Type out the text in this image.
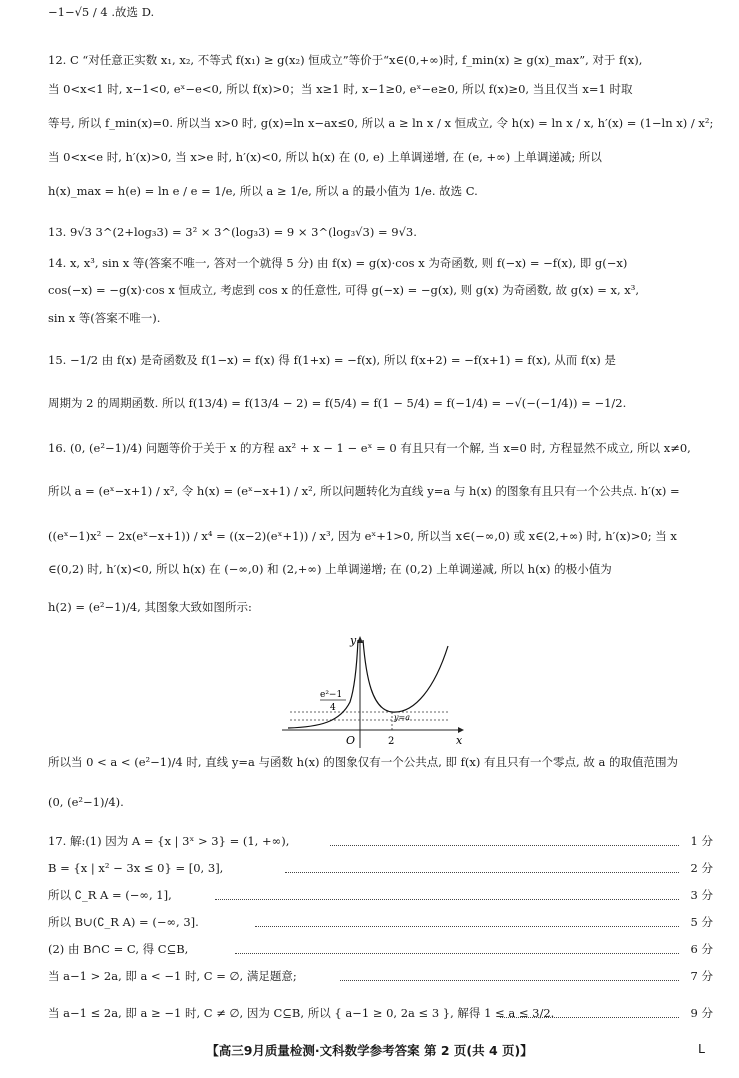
−1−√5 / 4 .故选 D.
12. C “对任意正实数 x₁, x₂, 不等式 f(x₁) ≥ g(x₂) 恒成立”等价于“x∈(0,+∞)时, f_min(x) ≥ g(x)_max”, 对于 f(x),
当 0<x<1 时, x−1<0, eˣ−e<0, 所以 f(x)>0；当 x≥1 时, x−1≥0, eˣ−e≥0, 所以 f(x)≥0, 当且仅当 x=1 时取
等号, 所以 f_min(x)=0. 所以当 x>0 时, g(x)=ln x−ax≤0, 所以 a ≥ ln x / x 恒成立, 令 h(x) = ln x / x, h′(x) = (1−ln x) / x²;
当 0<x<e 时, h′(x)>0, 当 x>e 时, h′(x)<0, 所以 h(x) 在 (0, e) 上单调递增, 在 (e, +∞) 上单调递减; 所以
h(x)_max = h(e) = ln e / e = 1/e, 所以 a ≥ 1/e, 所以 a 的最小值为 1/e. 故选 C.
13. 9√3 3^(2+log₃3) = 3² × 3^(log₃3) = 9 × 3^(log₃√3) = 9√3.
14. x, x³, sin x 等(答案不唯一, 答对一个就得 5 分) 由 f(x) = g(x)·cos x 为奇函数, 则 f(−x) = −f(x), 即 g(−x)
cos(−x) = −g(x)·cos x 恒成立, 考虑到 cos x 的任意性, 可得 g(−x) = −g(x), 则 g(x) 为奇函数, 故 g(x) = x, x³,
sin x 等(答案不唯一).
15. −1/2 由 f(x) 是奇函数及 f(1−x) = f(x) 得 f(1+x) = −f(x), 所以 f(x+2) = −f(x+1) = f(x), 从而 f(x) 是
周期为 2 的周期函数. 所以 f(13/4) = f(13/4 − 2) = f(5/4) = f(1 − 5/4) = f(−1/4) = −√(−(−1/4)) = −1/2.
16. (0, (e²−1)/4) 问题等价于关于 x 的方程 ax² + x − 1 − eˣ = 0 有且只有一个解, 当 x=0 时, 方程显然不成立, 所以 x≠0,
所以 a = (eˣ−x+1) / x², 令 h(x) = (eˣ−x+1) / x², 所以问题转化为直线 y=a 与 h(x) 的图象有且只有一个公共点. h′(x) =
((eˣ−1)x² − 2x(eˣ−x+1)) / x⁴ = ((x−2)(eˣ+1)) / x³, 因为 eˣ+1>0, 所以当 x∈(−∞,0) 或 x∈(2,+∞) 时, h′(x)>0; 当 x
∈(0,2) 时, h′(x)<0, 所以 h(x) 在 (−∞,0) 和 (2,+∞) 上单调递增; 在 (0,2) 上单调递减, 所以 h(x) 的极小值为
h(2) = (e²−1)/4, 其图象大致如图所示:
所以当 0 < a < (e²−1)/4 时, 直线 y=a 与函数 h(x) 的图象仅有一个公共点, 即 f(x) 有且只有一个零点, 故 a 的取值范围为
(0, (e²−1)/4).
17. 解:(1) 因为 A = {x | 3ˣ > 3} = (1, +∞),
B = {x | x² − 3x ≤ 0} = [0, 3],
所以 ∁_R A = (−∞, 1],
所以 B∪(∁_R A) = (−∞, 3].
(2) 由 B∩C = C, 得 C⊆B,
当 a−1 > 2a, 即 a < −1 时, C = ∅, 满足题意;
当 a−1 ≤ 2a, 即 a ≥ −1 时, C ≠ ∅, 因为 C⊆B, 所以 { a−1 ≥ 0, 2a ≤ 3 }, 解得 1 ≤ a ≤ 3/2.
1 分
2 分
3 分
5 分
6 分
7 分
9 分
y
x
O	2
e²−1
4
y=a
【高三9月质量检测·文科数学参考答案 第 2 页(共 4 页)】	L
